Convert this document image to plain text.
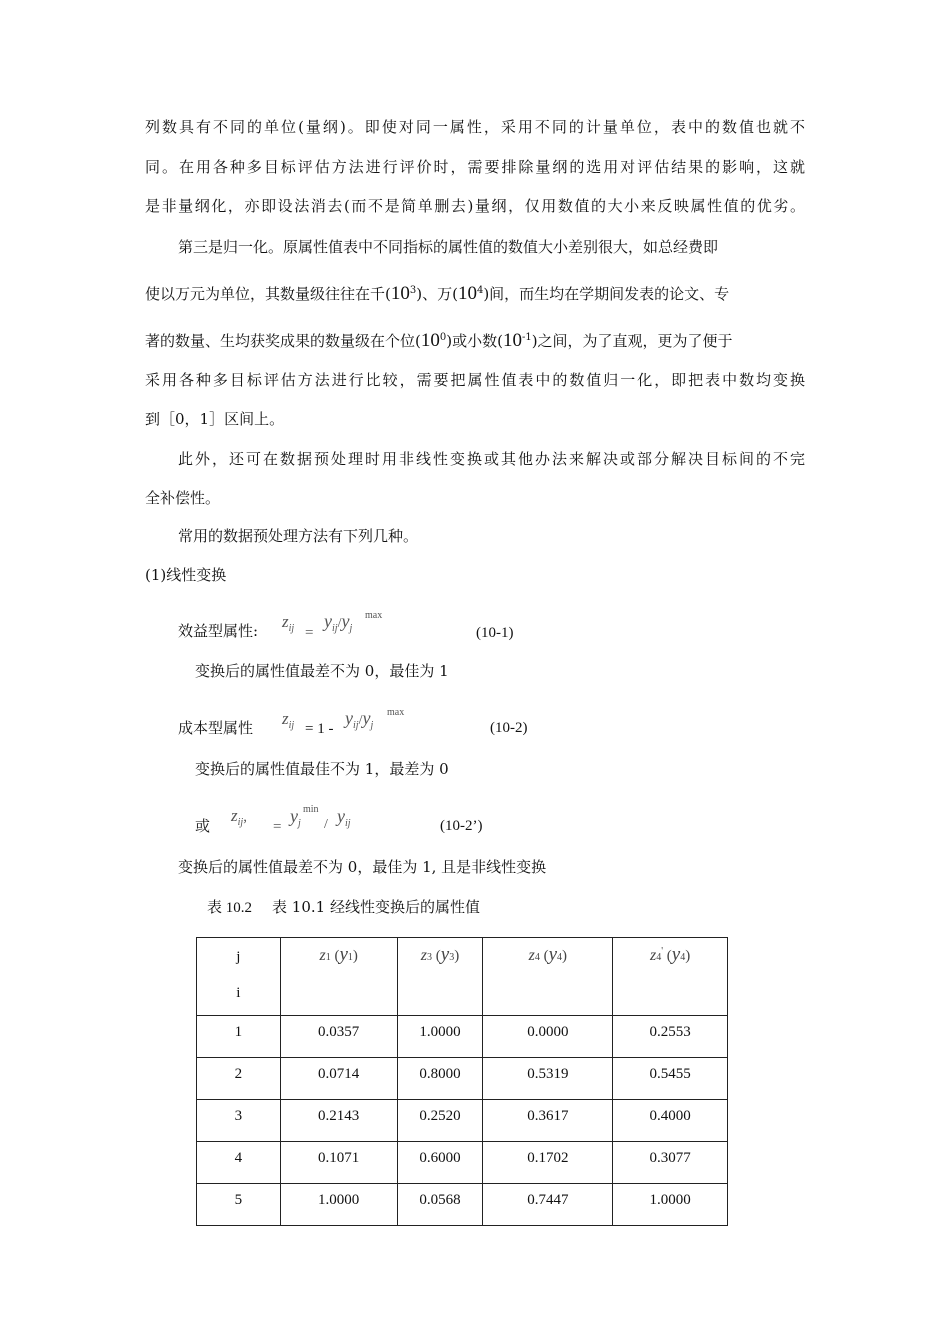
列数具有不同的单位(量纲)。即使对同一属性，采用不同的计量单位，表中的数值也就不
同。在用各种多目标评估方法进行评价时，需要排除量纲的选用对评估结果的影响，这就
是非量纲化，亦即设法消去(而不是简单删去)量纲，仅用数值的大小来反映属性值的优劣。
第三是归一化。原属性值表中不同指标的属性值的数值大小差别很大，如总经费即
使以万元为单位，其数量级往往在千$(10^3)$、万$(10^4)$间，而生均在学期间发表的论文、专
著的数量、生均获奖成果的数量级在个位$(10^0)$或小数$(10^{-1})$之间，为了直观，更为了便于
采用各种多目标评估方法进行比较，需要把属性值表中的数值归一化，即把表中数均变换
到［0，1］区间上。
此外，还可在数据预处理时用非线性变换或其他办法来解决或部分解决目标间的不完
全补偿性。
常用的数据预处理方法有下列几种。
(1)线性变换
效益型属性: $z_{ij}$ =
$y_{ij}/y_j$
max
(10-1)
变换后的属性值最差不为 0，最佳为 1
成本型属性 $z_{ij} = 1$ -
$y_{ij}/y_j$
max
(10-2)
变换后的属性值最佳不为 1，最差为 0
或
$z_{ij}$,
=
$y_j$
min
/ $y_{ij}$	(10-2’)
变换后的属性值最差不为 0，最佳为 1, 且是非线性变换
表 10.2 表 10.1 经线性变换后的属性值
j
i	z1 (y1)	z3 (y3)	z4 (y4)	z4' (y4)
1	0.0357	1.0000	0.0000	0.2553
2	0.0714	0.8000	0.5319	0.5455
3	0.2143	0.2520	0.3617	0.4000
4	0.1071	0.6000	0.1702	0.3077
5	1.0000	0.0568	0.7447	1.0000
